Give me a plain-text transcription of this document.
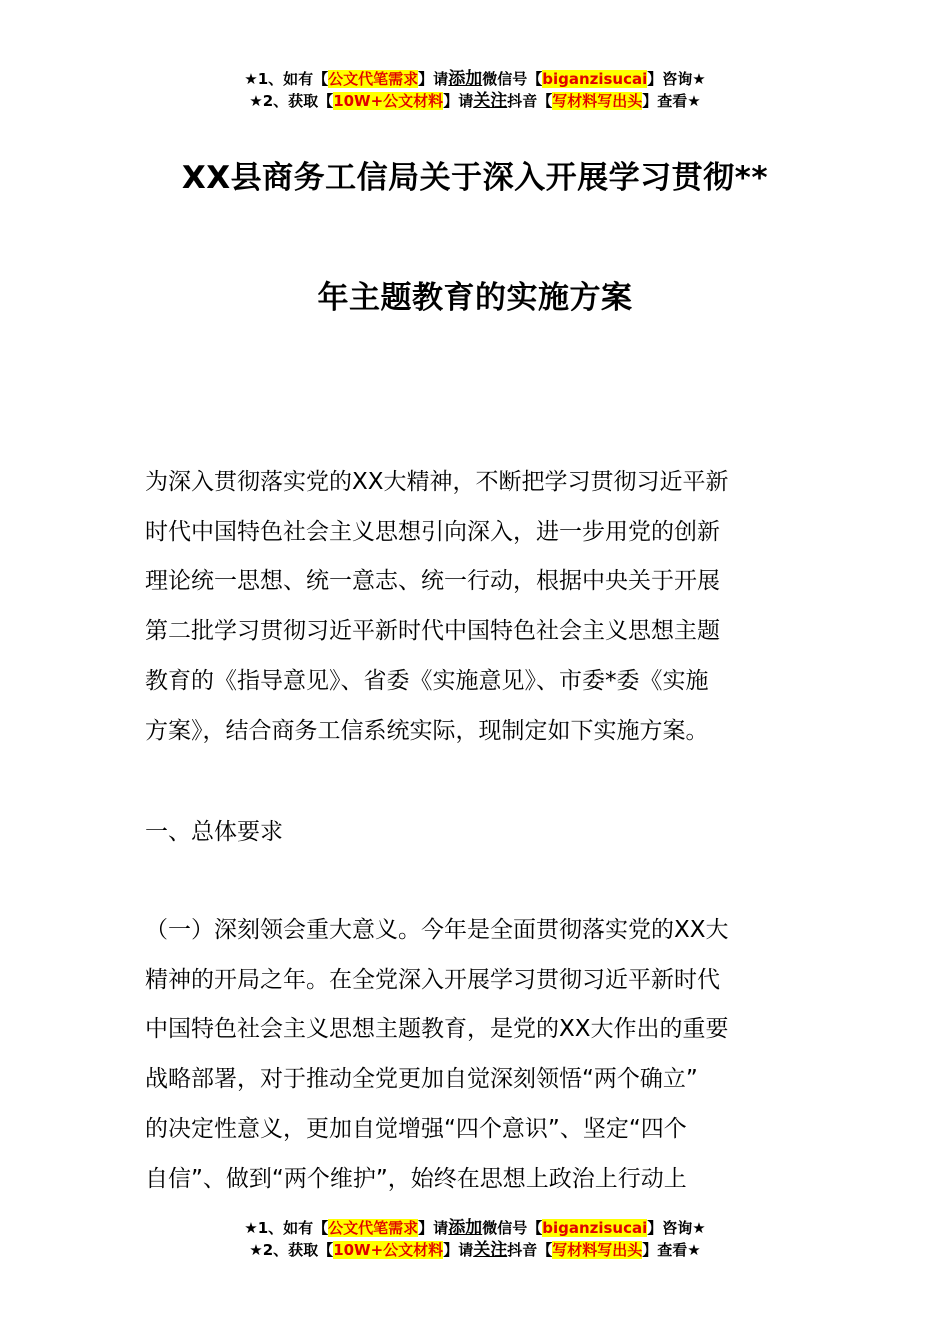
★1、如有【公文代笔需求】请添加微信号【biganzisucai】咨询★
★2、获取【10W+公文材料】请关注抖音【写材料写出头】查看★
XX县商务工信局关于深入开展学习贯彻**
年主题教育的实施方案
为深入贯彻落实党的XX大精神，不断把学习贯彻习近平新
时代中国特色社会主义思想引向深入，进一步用党的创新
理论统一思想、统一意志、统一行动，根据中央关于开展
第二批学习贯彻习近平新时代中国特色社会主义思想主题
教育的《指导意见》、省委《实施意见》、市委*委《实施
方案》，结合商务工信系统实际，现制定如下实施方案。
一、总体要求
（一）深刻领会重大意义。今年是全面贯彻落实党的XX大
精神的开局之年。在全党深入开展学习贯彻习近平新时代
中国特色社会主义思想主题教育，是党的XX大作出的重要
战略部署，对于推动全党更加自觉深刻领悟“两个确立”
的决定性意义，更加自觉增强“四个意识”、坚定“四个
自信”、做到“两个维护”，始终在思想上政治上行动上
★1、如有【公文代笔需求】请添加微信号【biganzisucai】咨询★
★2、获取【10W+公文材料】请关注抖音【写材料写出头】查看★
